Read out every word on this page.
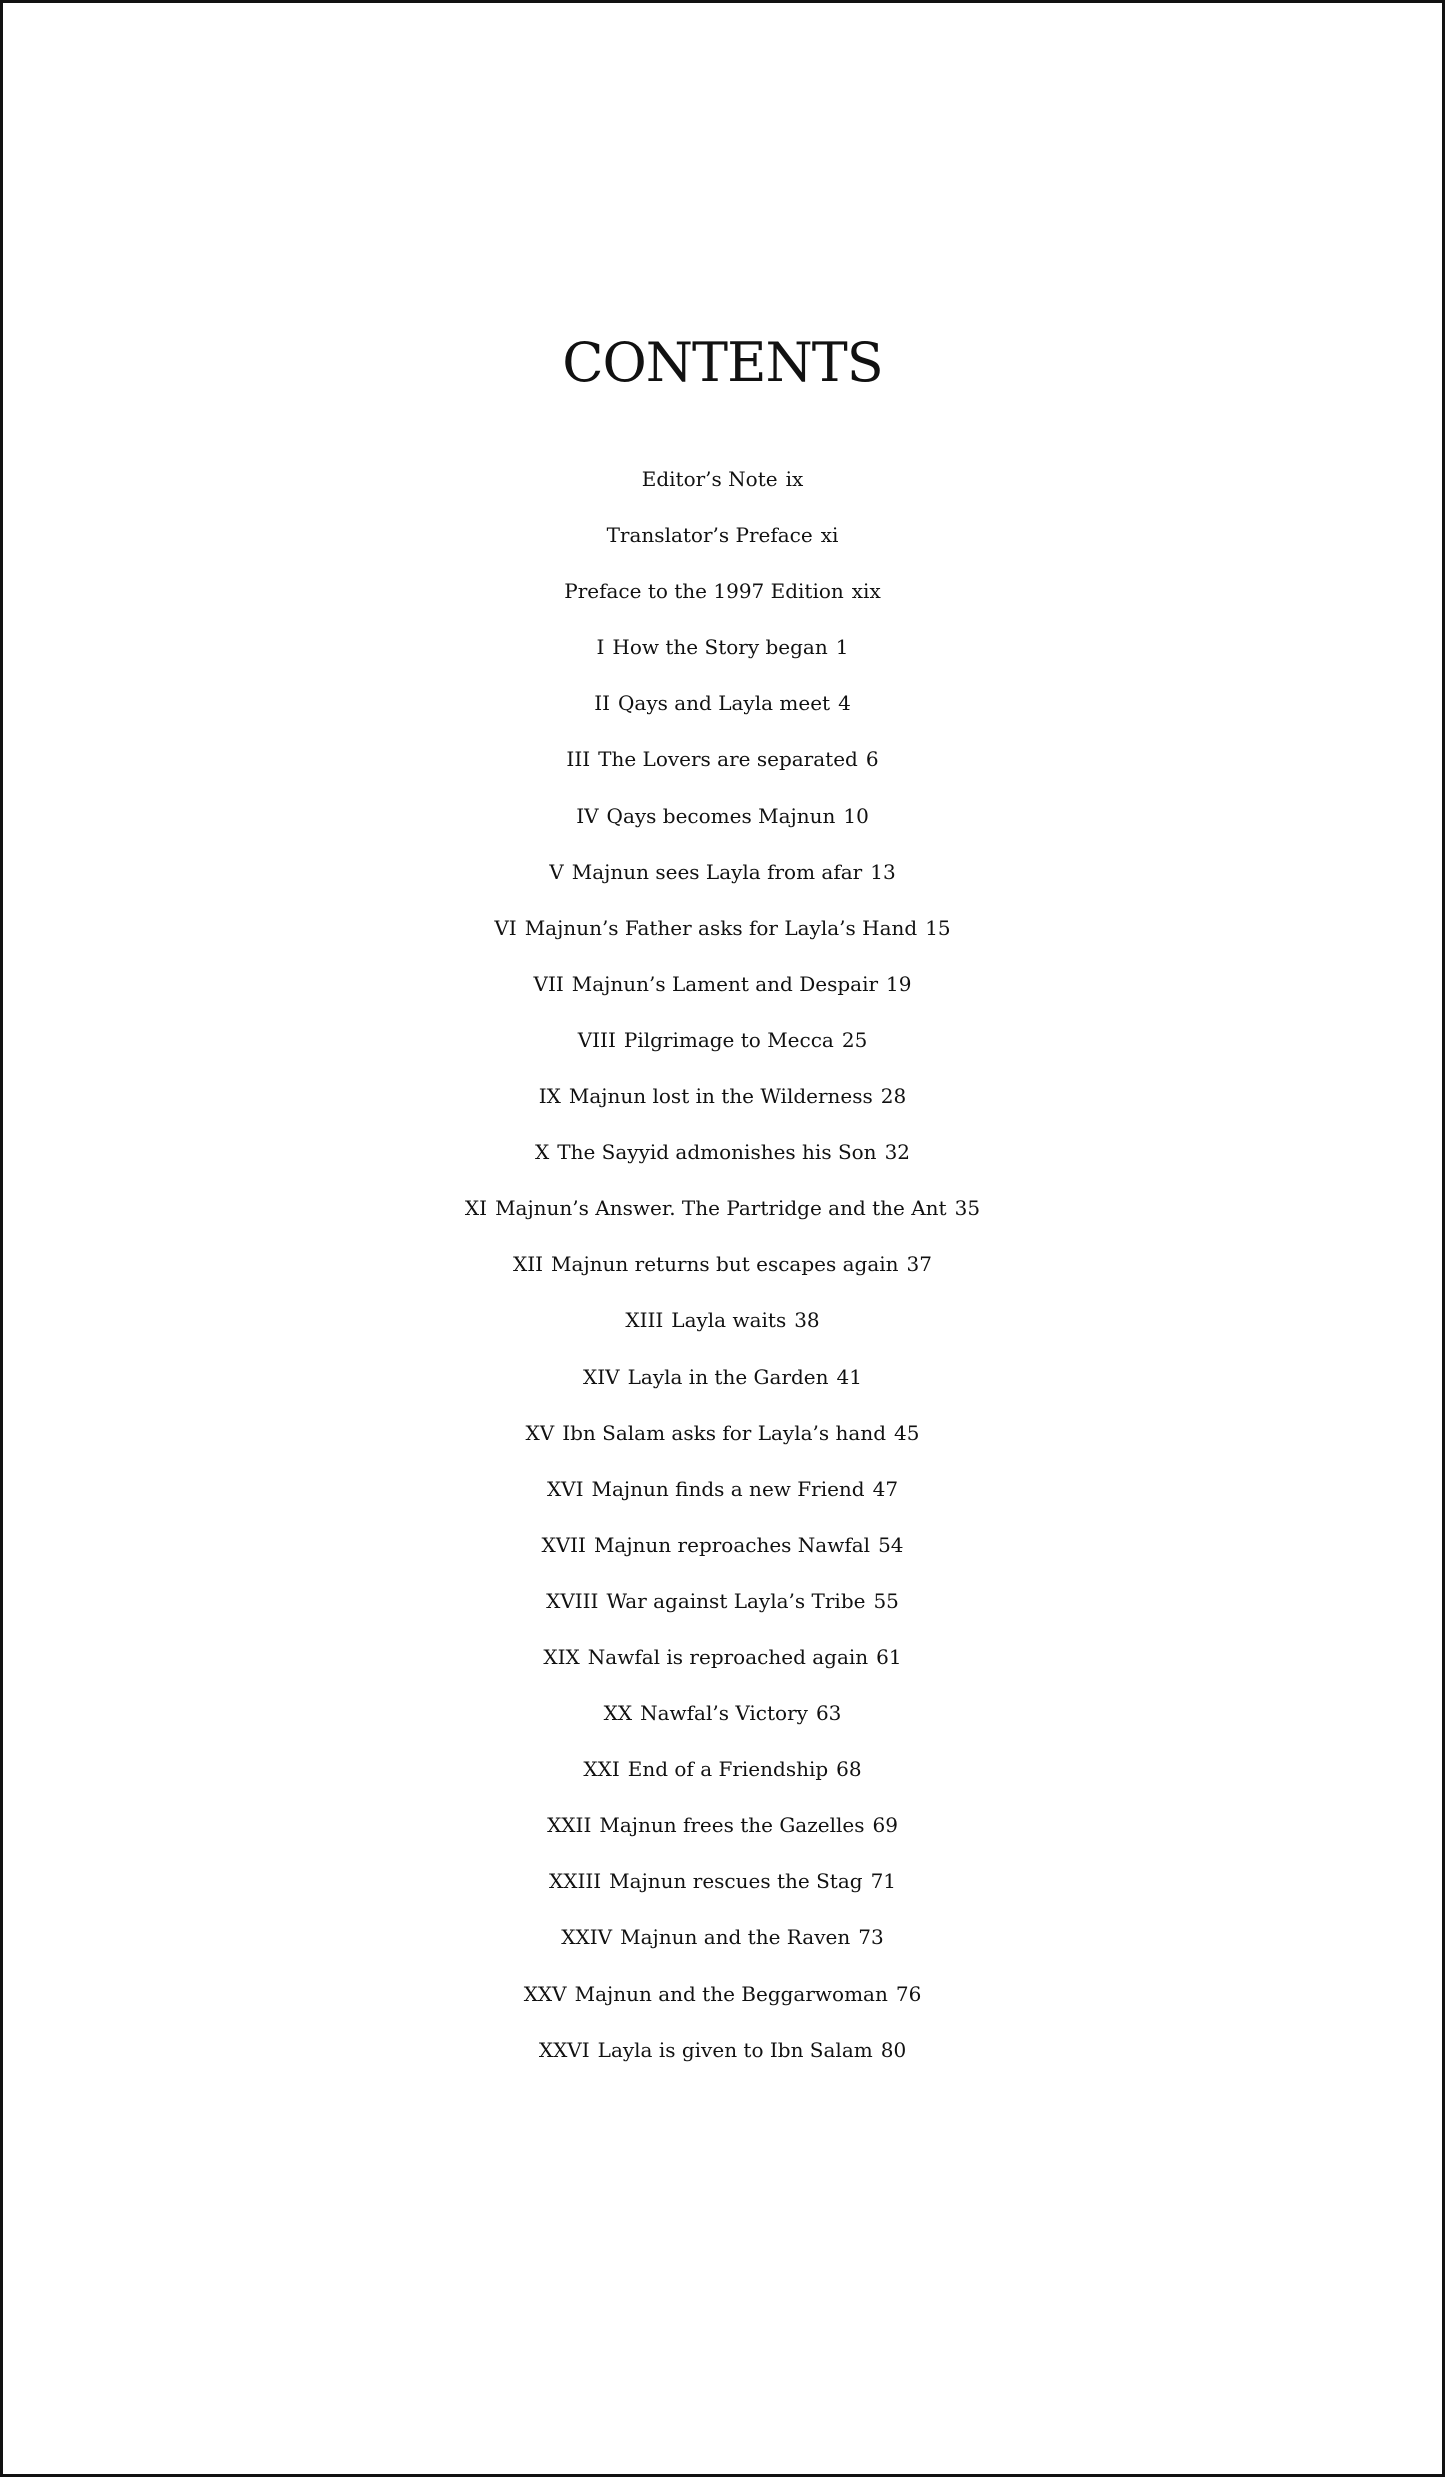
CONTENTS
Editor’s Note ix
Translator’s Preface xi
Preface to the 1997 Edition xix
I How the Story began 1
II Qays and Layla meet 4
III The Lovers are separated 6
IV Qays becomes Majnun 10
V Majnun sees Layla from afar 13
VI Majnun’s Father asks for Layla’s Hand 15
VII Majnun’s Lament and Despair 19
VIII Pilgrimage to Mecca 25
IX Majnun lost in the Wilderness 28
X The Sayyid admonishes his Son 32
XI Majnun’s Answer. The Partridge and the Ant 35
XII Majnun returns but escapes again 37
XIII Layla waits 38
XIV Layla in the Garden 41
XV Ibn Salam asks for Layla’s hand 45
XVI Majnun finds a new Friend 47
XVII Majnun reproaches Nawfal 54
XVIII War against Layla’s Tribe 55
XIX Nawfal is reproached again 61
XX Nawfal’s Victory 63
XXI End of a Friendship 68
XXII Majnun frees the Gazelles 69
XXIII Majnun rescues the Stag 71
XXIV Majnun and the Raven 73
XXV Majnun and the Beggarwoman 76
XXVI Layla is given to Ibn Salam 80
